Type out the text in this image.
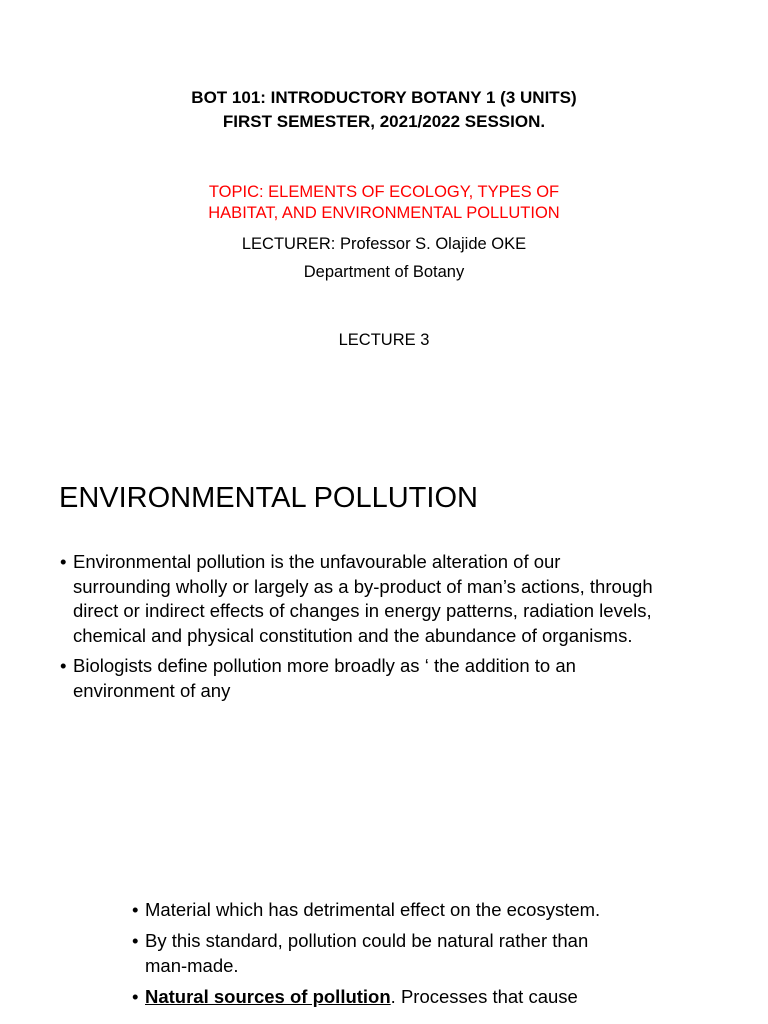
BOT 101: INTRODUCTORY BOTANY 1 (3 UNITS)
FIRST SEMESTER, 2021/2022 SESSION.
TOPIC: ELEMENTS OF ECOLOGY, TYPES OF
HABITAT, AND ENVIRONMENTAL POLLUTION
LECTURER: Professor S. Olajide OKE
Department of Botany
LECTURE 3
ENVIRONMENTAL POLLUTION
• Environmental pollution is the unfavourable alteration of our surrounding wholly or largely as a by-product of man’s actions, through direct or indirect effects of changes in energy patterns, radiation levels, chemical and physical constitution and the abundance of organisms.
• Biologists define pollution more broadly as ‘ the addition to an environment of any
• Material which has detrimental effect on the ecosystem.
• By this standard, pollution could be natural rather than man-made.
• Natural sources of pollution. Processes that cause
